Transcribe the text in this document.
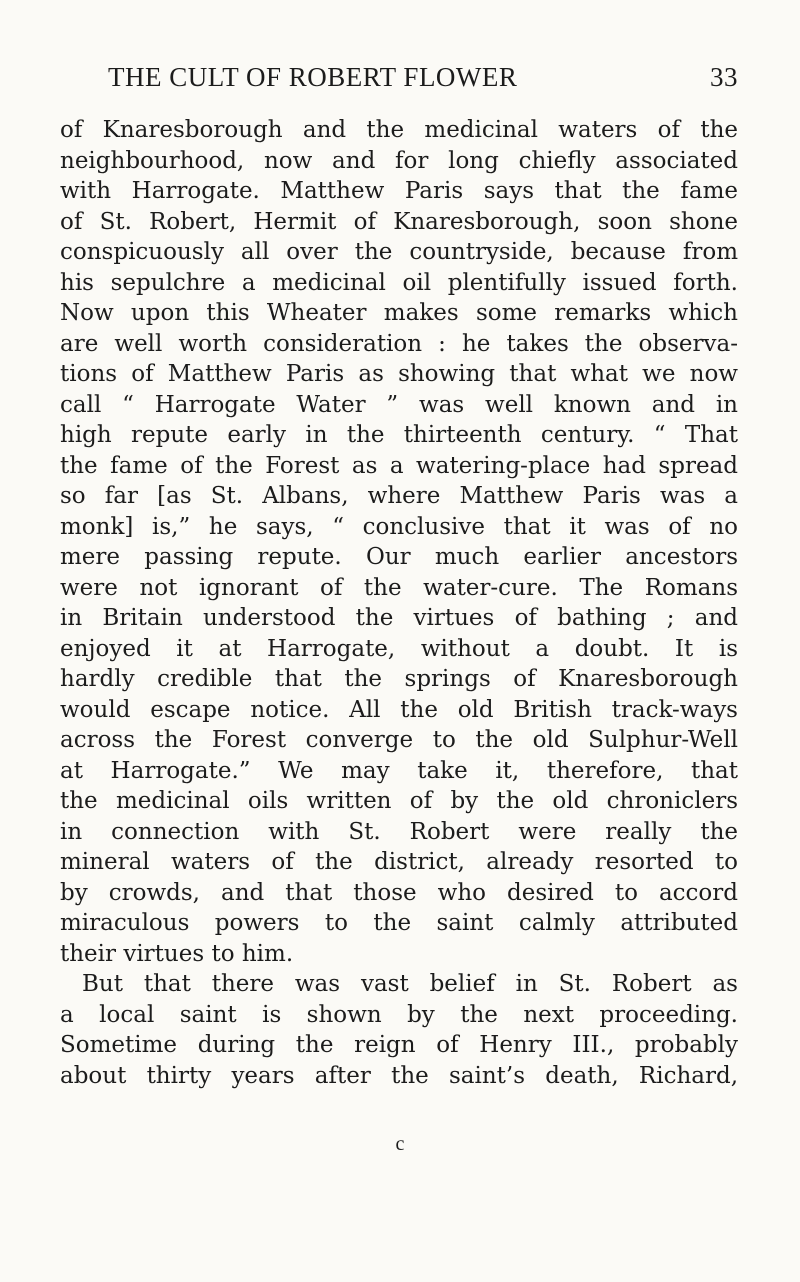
THE CULT OF ROBERT FLOWER	33
of Knaresborough and the medicinal waters of the
neighbourhood, now and for long chiefly associated
with Harrogate. Matthew Paris says that the fame
of St. Robert, Hermit of Knaresborough, soon shone
conspicuously all over the countryside, because from
his sepulchre a medicinal oil plentifully issued forth.
Now upon this Wheater makes some remarks which
are well worth consideration : he takes the observa-
tions of Matthew Paris as showing that what we now
call “ Harrogate Water ” was well known and in
high repute early in the thirteenth century. “ That
the fame of the Forest as a watering-place had spread
so far [as St. Albans, where Matthew Paris was a
monk] is,” he says, “ conclusive that it was of no
mere passing repute. Our much earlier ancestors
were not ignorant of the water-cure. The Romans
in Britain understood the virtues of bathing ; and
enjoyed it at Harrogate, without a doubt. It is
hardly credible that the springs of Knaresborough
would escape notice. All the old British track-ways
across the Forest converge to the old Sulphur-Well
at Harrogate.” We may take it, therefore, that
the medicinal oils written of by the old chroniclers
in connection with St. Robert were really the
mineral waters of the district, already resorted to
by crowds, and that those who desired to accord
miraculous powers to the saint calmly attributed
their virtues to him.
But that there was vast belief in St. Robert as
a local saint is shown by the next proceeding.
Sometime during the reign of Henry III., probably
about thirty years after the saint’s death, Richard,
c
